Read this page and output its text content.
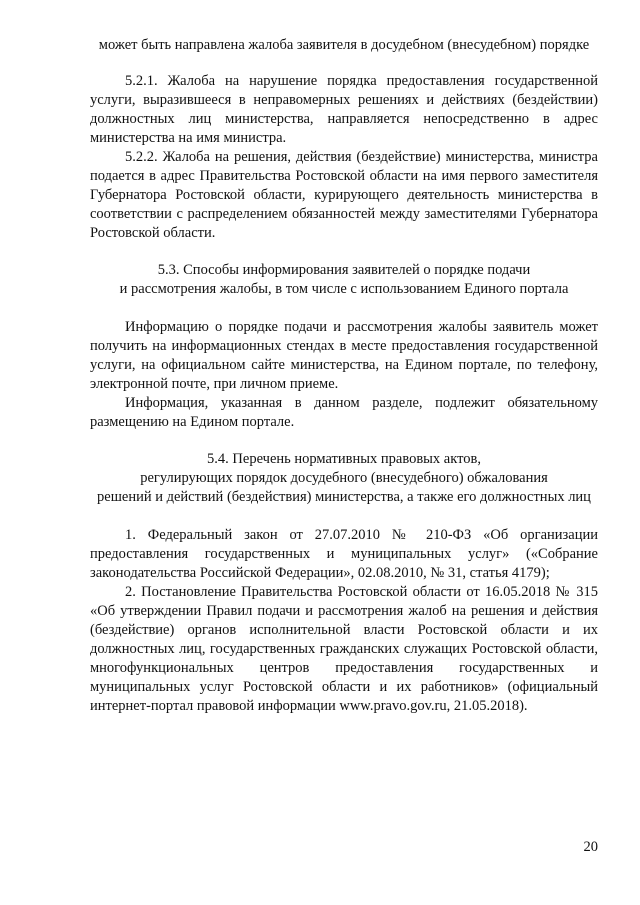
может быть направлена жалоба заявителя в досудебном (внесудебном) порядке

5.2.1. Жалоба на нарушение порядка предоставления государственной услуги, выразившееся в неправомерных решениях и действиях (бездействии) должностных лиц министерства, направляется непосредственно в адрес министерства на имя министра.

5.2.2. Жалоба на решения, действия (бездействие) министерства, министра подается в адрес Правительства Ростовской области на имя первого заместителя Губернатора Ростовской области, курирующего деятельность министерства в соответствии с распределением обязанностей между заместителями Губернатора Ростовской области.

5.3. Способы информирования заявителей о порядке подачи
и рассмотрения жалобы, в том числе с использованием Единого портала

Информацию о порядке подачи и рассмотрения жалобы заявитель может получить на информационных стендах в месте предоставления государственной услуги, на официальном сайте министерства, на Едином портале, по телефону, электронной почте, при личном приеме.

Информация, указанная в данном разделе, подлежит обязательному размещению на Едином портале.

5.4. Перечень нормативных правовых актов,
регулирующих порядок досудебного (внесудебного) обжалования
решений и действий (бездействия) министерства, а также его должностных лиц

1. Федеральный закон от 27.07.2010 № 210-ФЗ «Об организации предоставления государственных и муниципальных услуг» («Собрание законодательства Российской Федерации», 02.08.2010, № 31, статья 4179);

2. Постановление Правительства Ростовской области от 16.05.2018 № 315 «Об утверждении Правил подачи и рассмотрения жалоб на решения и действия (бездействие) органов исполнительной власти Ростовской области и их должностных лиц, государственных гражданских служащих Ростовской области, многофункциональных центров предоставления государственных и муниципальных услуг Ростовской области и их работников» (официальный интернет-портал правовой информации www.pravo.gov.ru, 21.05.2018).

20
